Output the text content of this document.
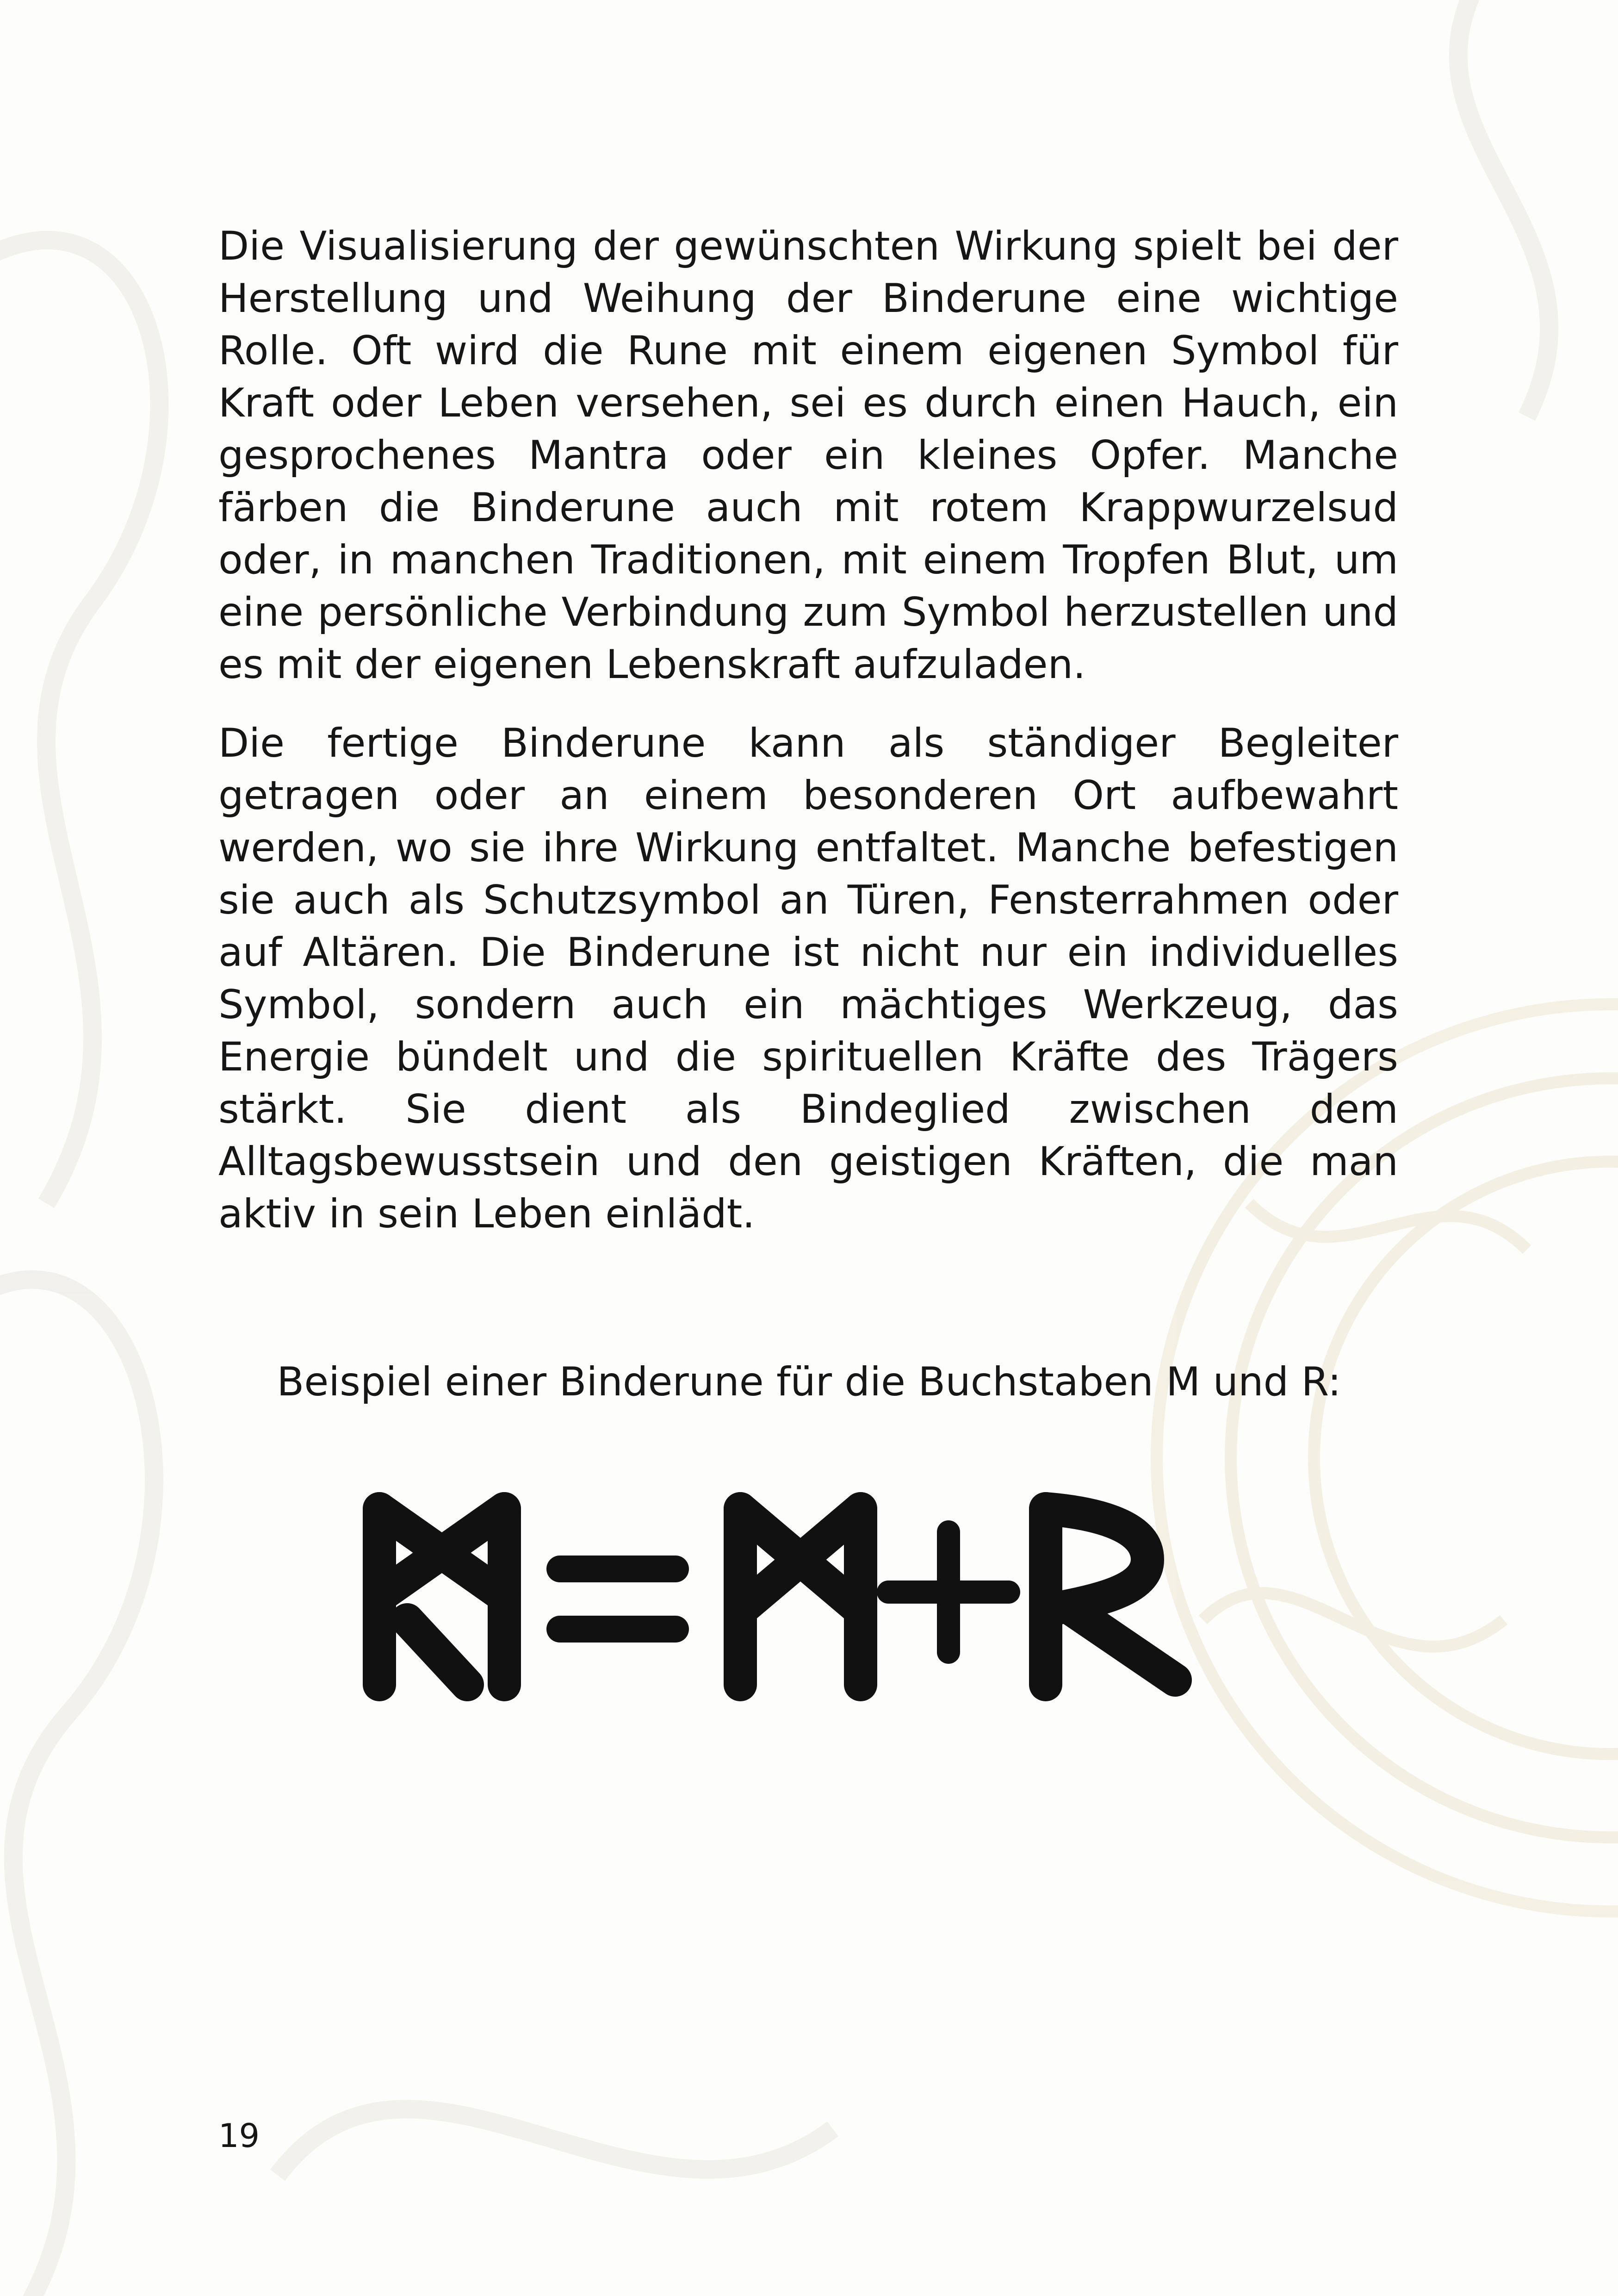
Die Visualisierung der gewünschten Wirkung spielt bei der Herstellung und Weihung der Binderune eine wichtige Rolle. Oft wird die Rune mit einem eigenen Symbol für Kraft oder Leben versehen, sei es durch einen Hauch, ein gesprochenes Mantra oder ein kleines Opfer. Manche färben die Binderune auch mit rotem Krappwurzelsud oder, in manchen Traditionen, mit einem Tropfen Blut, um eine persönliche Verbindung zum Symbol herzustellen und es mit der eigenen Lebenskraft aufzuladen.

Die fertige Binderune kann als ständiger Begleiter getragen oder an einem besonderen Ort aufbewahrt werden, wo sie ihre Wirkung entfaltet. Manche befestigen sie auch als Schutzsymbol an Türen, Fensterrahmen oder auf Altären. Die Binderune ist nicht nur ein individuelles Symbol, sondern auch ein mächtiges Werkzeug, das Energie bündelt und die spirituellen Kräfte des Trägers stärkt. Sie dient als Bindeglied zwischen dem Alltagsbewusstsein und den geistigen Kräften, die man aktiv in sein Leben einlädt.

Beispiel einer Binderune für die Buchstaben M und R:

19
